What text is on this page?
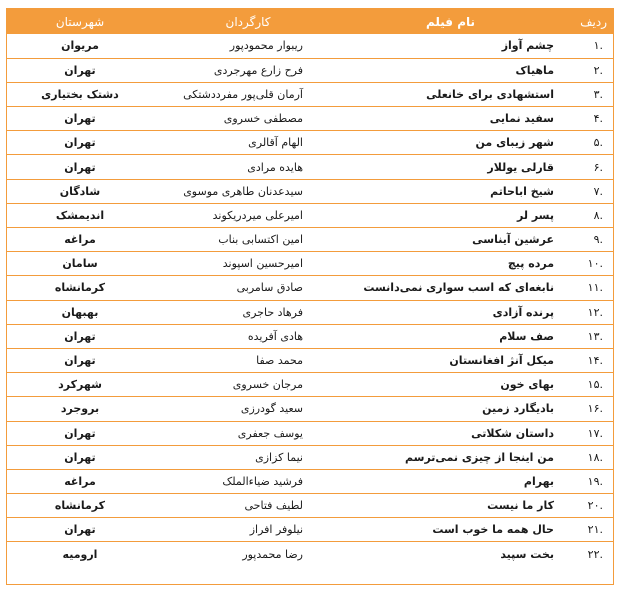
ردیف	نام فیلم	کارگردان	شهرستان
.۱	چشم آواز	ریبوار محمودپور	مریوان
.۲	ماهیاک	فرح زارع مهرجردی	تهران
.۳	استشهادی برای خانعلی	آرمان قلی‌پور مفرددشتکی	دشتک بختیاری
.۴	سفید نمایی	مصطفی خسروی	تهران
.۵	شهر زیبای من	الهام آقالری	تهران
.۶	قارلی یوللار	هایده مرادی	تهران
.۷	شیخ اباحاتم	سیدعدنان طاهری موسوی	شادگان
.۸	پسر لر	امیرعلی میردریکوند	اندیمشک
.۹	عرشین آیناسی	امین اکتسابی بناب	مراغه
.۱۰	مرده پیچ	امیرحسین اسپوند	سامان
.۱۱	نابغه‌ای که اسب سواری نمی‌دانست	صادق سامربی	کرمانشاه
.۱۲	پرنده آزادی	فرهاد حاجری	بهبهان
.۱۳	صف سلام	هادی آفریده	تهران
.۱۴	میکل آنژ افغانستان	محمد صفا	تهران
.۱۵	بهای خون	مرجان خسروی	شهرکرد
.۱۶	بادیگارد زمین	سعید گودرزی	بروجرد
.۱۷	داستان شکلاتی	یوسف جعفری	تهران
.۱۸	من اینجا از چیزی نمی‌ترسم	نیما کزازی	تهران
.۱۹	بهرام	فرشید ضیاءالملک	مراغه
.۲۰	کار ما نیست	لطیف فتاحی	کرمانشاه
.۲۱	حال همه ما خوب است	نیلوفر افراز	تهران
.۲۲	بخت سپید	رضا محمدپور	ارومیه
